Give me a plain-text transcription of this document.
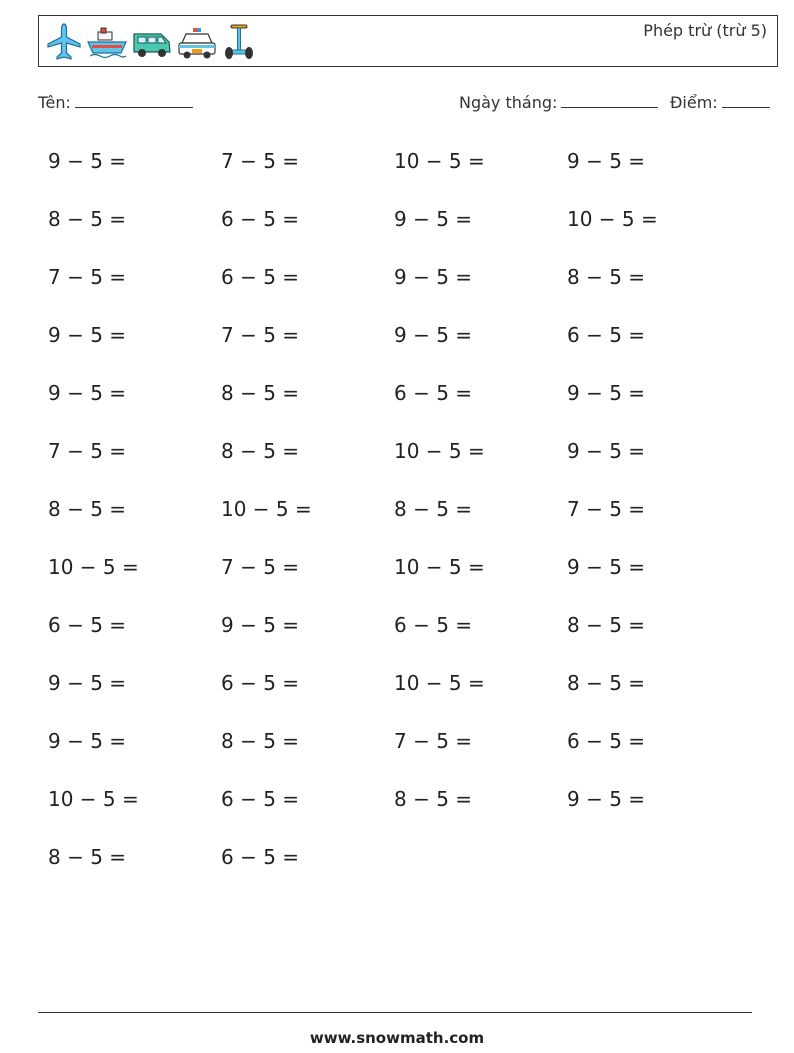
Phép trừ (trừ 5)
Tên:	Ngày tháng:	Điểm:
9 − 5 =	7 − 5 =	10 − 5 =	9 − 5 =
8 − 5 =	6 − 5 =	9 − 5 =	10 − 5 =
7 − 5 =	6 − 5 =	9 − 5 =	8 − 5 =
9 − 5 =	7 − 5 =	9 − 5 =	6 − 5 =
9 − 5 =	8 − 5 =	6 − 5 =	9 − 5 =
7 − 5 =	8 − 5 =	10 − 5 =	9 − 5 =
8 − 5 =	10 − 5 =	8 − 5 =	7 − 5 =
10 − 5 =	7 − 5 =	10 − 5 =	9 − 5 =
6 − 5 =	9 − 5 =	6 − 5 =	8 − 5 =
9 − 5 =	6 − 5 =	10 − 5 =	8 − 5 =
9 − 5 =	8 − 5 =	7 − 5 =	6 − 5 =
10 − 5 =	6 − 5 =	8 − 5 =	9 − 5 =
8 − 5 =	6 − 5 =
www.snowmath.com
